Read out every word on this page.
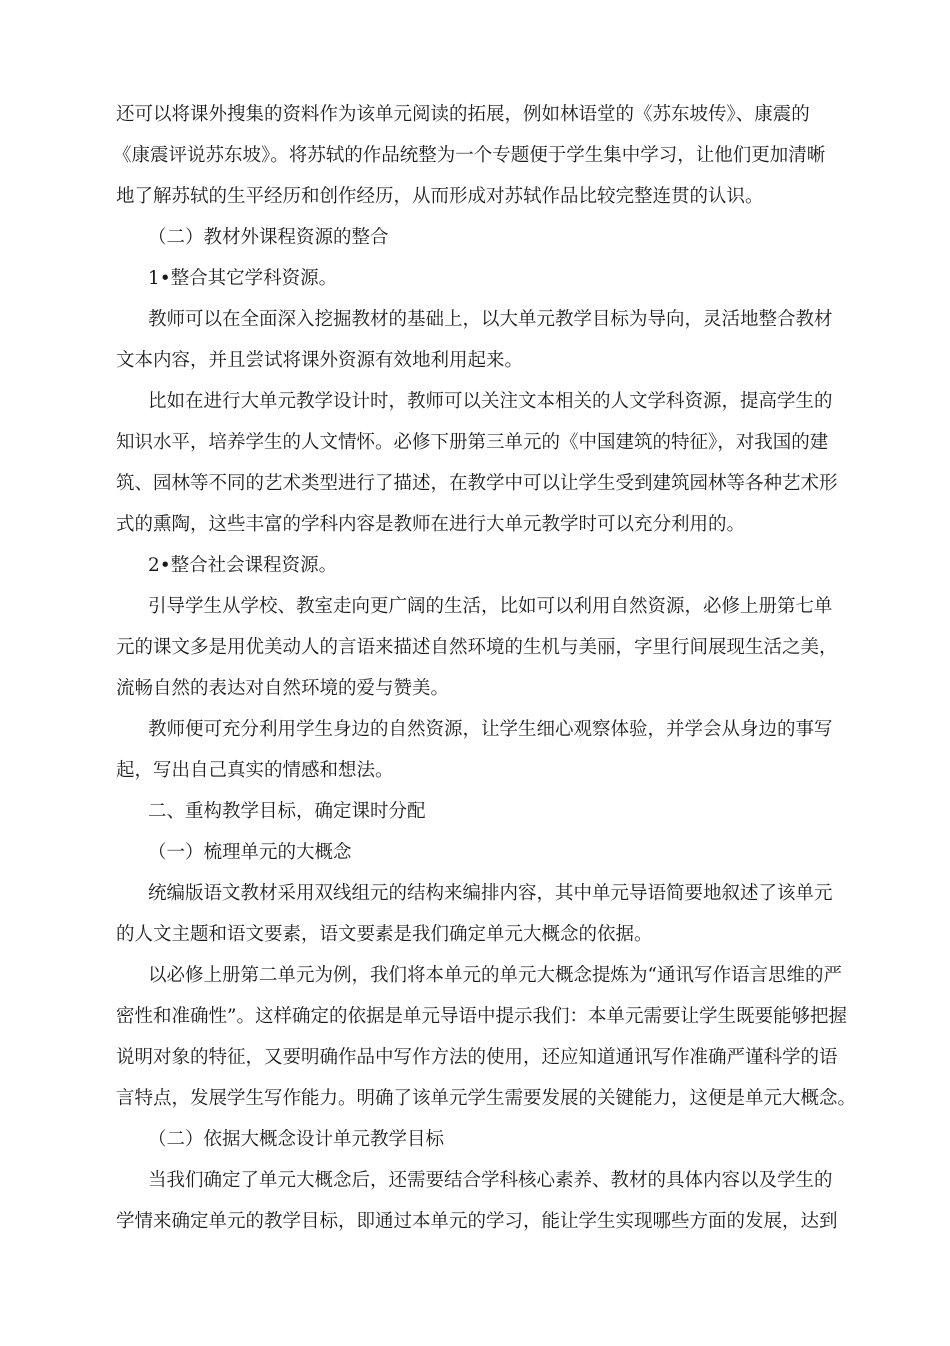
还可以将课外搜集的资料作为该单元阅读的拓展，例如林语堂的《苏东坡传》、康震的
《康震评说苏东坡》。将苏轼的作品统整为一个专题便于学生集中学习，让他们更加清晰
地了解苏轼的生平经历和创作经历，从而形成对苏轼作品比较完整连贯的认识。
（二）教材外课程资源的整合
1•整合其它学科资源。
教师可以在全面深入挖掘教材的基础上，以大单元教学目标为导向，灵活地整合教材
文本内容，并且尝试将课外资源有效地利用起来。
比如在进行大单元教学设计时，教师可以关注文本相关的人文学科资源，提高学生的
知识水平，培养学生的人文情怀。必修下册第三单元的《中国建筑的特征》，对我国的建
筑、园林等不同的艺术类型进行了描述，在教学中可以让学生受到建筑园林等各种艺术形
式的熏陶，这些丰富的学科内容是教师在进行大单元教学时可以充分利用的。
2•整合社会课程资源。
引导学生从学校、教室走向更广阔的生活，比如可以利用自然资源，必修上册第七单
元的课文多是用优美动人的言语来描述自然环境的生机与美丽，字里行间展现生活之美，
流畅自然的表达对自然环境的爱与赞美。
教师便可充分利用学生身边的自然资源，让学生细心观察体验，并学会从身边的事写
起，写出自己真实的情感和想法。
二、重构教学目标，确定课时分配
（一）梳理单元的大概念
统编版语文教材采用双线组元的结构来编排内容，其中单元导语简要地叙述了该单元
的人文主题和语文要素，语文要素是我们确定单元大概念的依据。
以必修上册第二单元为例，我们将本单元的单元大概念提炼为“通讯写作语言思维的严
密性和准确性”。这样确定的依据是单元导语中提示我们：本单元需要让学生既要能够把握
说明对象的特征，又要明确作品中写作方法的使用，还应知道通讯写作准确严谨科学的语
言特点，发展学生写作能力。明确了该单元学生需要发展的关键能力，这便是单元大概念。
（二）依据大概念设计单元教学目标
当我们确定了单元大概念后，还需要结合学科核心素养、教材的具体内容以及学生的
学情来确定单元的教学目标，即通过本单元的学习，能让学生实现哪些方面的发展，达到
